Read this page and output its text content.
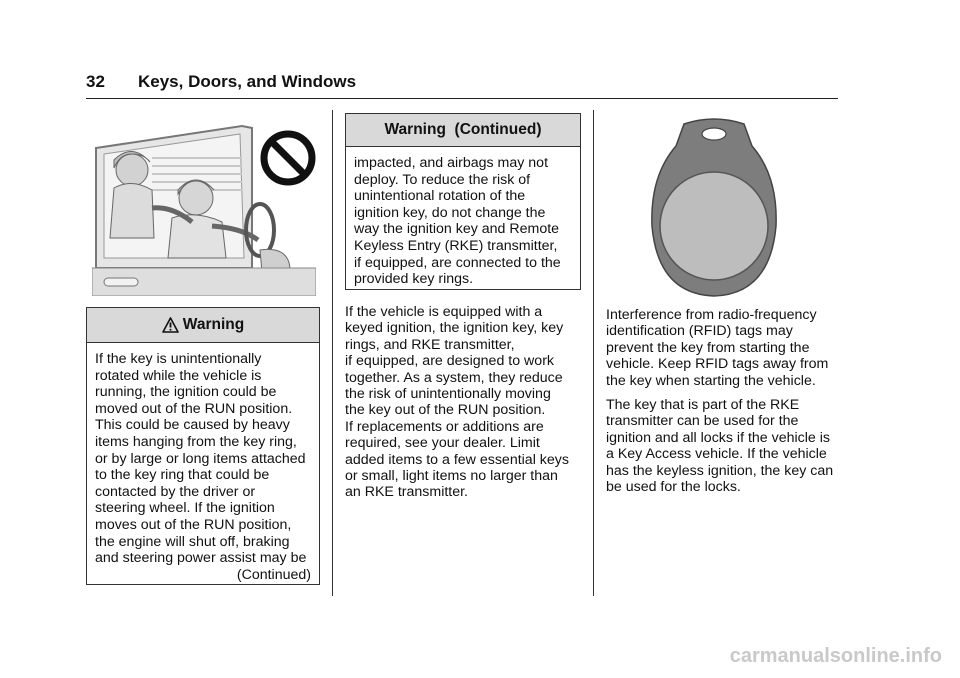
32 Keys, Doors, and Windows
Warning

If the key is unintentionally
rotated while the vehicle is
running, the ignition could be
moved out of the RUN position.
This could be caused by heavy
items hanging from the key ring,
or by large or long items attached
to the key ring that could be
contacted by the driver or
steering wheel. If the ignition
moves out of the RUN position,
the engine will shut off, braking
and steering power assist may be

(Continued)

Warning  (Continued)

impacted, and airbags may not
deploy. To reduce the risk of
unintentional rotation of the
ignition key, do not change the
way the ignition key and Remote
Keyless Entry (RKE) transmitter,
if equipped, are connected to the
provided key rings.

If the vehicle is equipped with a
keyed ignition, the ignition key, key
rings, and RKE transmitter,
if equipped, are designed to work
together. As a system, they reduce
the risk of unintentionally moving
the key out of the RUN position.
If replacements or additions are
required, see your dealer. Limit
added items to a few essential keys
or small, light items no larger than
an RKE transmitter.

Interference from radio-frequency
identification (RFID) tags may
prevent the key from starting the
vehicle. Keep RFID tags away from
the key when starting the vehicle.

The key that is part of the RKE
transmitter can be used for the
ignition and all locks if the vehicle is
a Key Access vehicle. If the vehicle
has the keyless ignition, the key can
be used for the locks.

carmanualsonline.info
